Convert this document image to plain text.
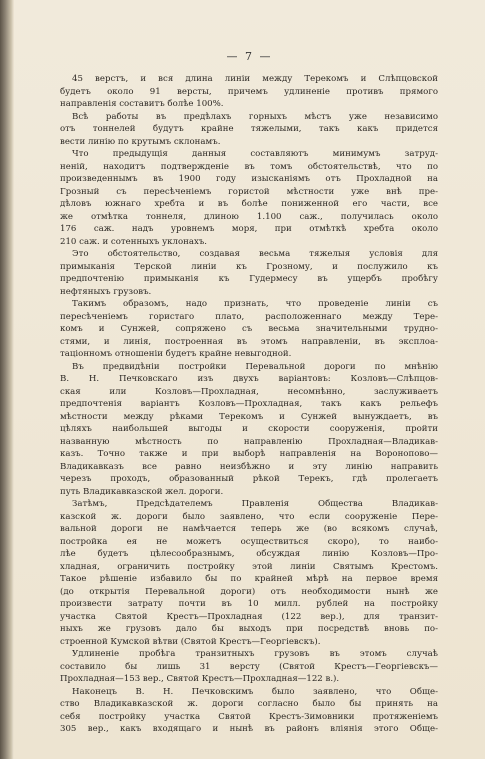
— 7 —

45 верстъ, и вся длина линіи между Терекомъ и Слѣпцовской

будетъ около 91 версты, причемъ удлиненіе противъ прямого

направленія составитъ болѣе 100%.

Всѣ работы въ предѣлахъ горныхъ мѣстъ уже независимо

отъ тоннелей будутъ крайне тяжелыми, такъ какъ придется

вести линію по крутымъ склонамъ.

Что предыдущія данныя составляютъ минимумъ затруд-

неній, находитъ подтвержденіе въ томъ обстоятельствѣ, что по

произведеннымъ въ 1900 году изысканіямъ отъ Прохладной на

Грозный съ пересѣченіемъ гористой мѣстности уже внѣ пре-

дѣловъ южнаго хребта и въ болѣе пониженной его части, все

же отмѣтка тоннеля, длиною 1.100 саж., получилась около

176 саж. надъ уровнемъ моря, при отмѣткѣ хребта около

210 саж. и сотенныхъ уклонахъ.

Это обстоятельство, создавая весьма тяжелыя условія для

примыканія Терской линіи къ Грозному, и послужило къ

предпочтенію примыканія къ Гудермесу въ ущербъ пробѣгу

нефтяныхъ грузовъ.

Такимъ образомъ, надо признать, что проведеніе линіи съ

пересѣченіемъ гористаго плато, расположеннаго между Тере-

комъ и Сунжей, сопряжено съ весьма значительными трудно-

стями, и линія, построенная въ этомъ направленіи, въ эксплоа-

таціонномъ отношеніи будетъ крайне невыгодной.

Въ предвидѣніи постройки Перевальной дороги по мнѣнію

В. Н. Печковскаго изъ двухъ варіантовъ: Козловъ—Слѣпцов-

ская или Козловъ—Прохладная, несомнѣнно, заслуживаетъ

предпочтенія варіантъ Козловъ—Прохладная, такъ какъ рельефъ

мѣстности между рѣками Терекомъ и Сунжей вынуждаетъ, въ

цѣляхъ наибольшей выгоды и скорости сооруженія, пройти

названную мѣстность по направленію Прохладная—Владикав-

казъ. Точно также и при выборѣ направленія на Воронопово—

Владикавказъ все равно неизбѣжно и эту линію направить

черезъ проходъ, образованный рѣкой Терекъ, гдѣ пролегаетъ

путь Владикавказской жел. дороги.

Затѣмъ, Предсѣдателемъ Правленія Общества Владикав-

казской ж. дороги было заявлено, что если сооруженіе Пере-

вальной дороги не намѣчается теперь же (во всякомъ случаѣ,

постройка ея не можетъ осуществиться скоро), то наибо-

лѣе будетъ цѣлесообразнымъ, обсуждая линію Козловъ—Про-

хладная, ограничить постройку этой линіи Святымъ Крестомъ.

Такое рѣшеніе избавило бы по крайней мѣрѣ на первое время

(до открытія Перевальной дороги) отъ необходимости нынѣ же

произвести затрату почти въ 10 милл. рублей на постройку

участка Святой Крестъ—Прохладная (122 вер.), для транзит-

ныхъ же грузовъ дало бы выходъ при посредствѣ вновь по-

строенной Кумской вѣтви (Святой Крестъ—Георгіевскъ).

Удлиненіе пробѣга транзитныхъ грузовъ въ этомъ случаѣ

составило бы лишь 31 версту (Святой Крестъ—Георгіевскъ—

Прохладная—153 вер., Святой Крестъ—Прохладная—122 в.).

Наконецъ В. Н. Печковскимъ было заявлено, что Обще-

ство Владикавказской ж. дороги согласно было бы принять на

себя постройку участка Святой Крестъ-Зимовники протяженіемъ

305 вер., какъ входящаго и нынѣ въ районъ вліянія этого Обще-
